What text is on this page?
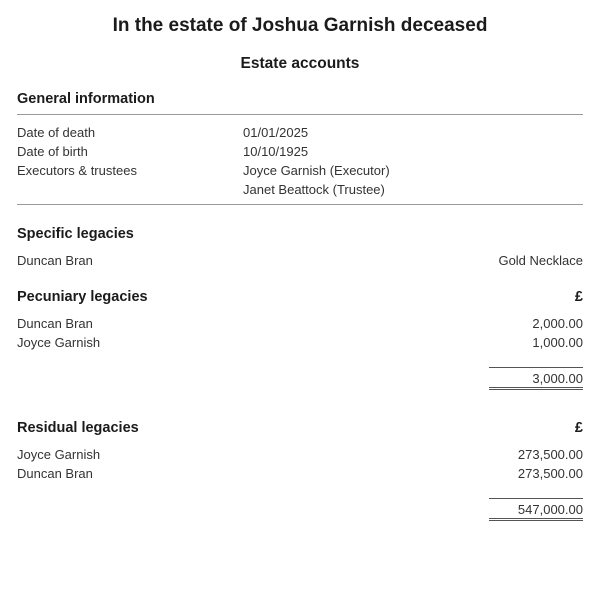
In the estate of Joshua Garnish deceased
Estate accounts
General information
Date of death	01/01/2025
Date of birth	10/10/1925
Executors & trustees	Joyce Garnish (Executor)
Janet Beattock (Trustee)
Specific legacies
Duncan Bran	Gold Necklace
Pecuniary legacies	£
Duncan Bran	2,000.00
Joyce Garnish	1,000.00
3,000.00
Residual legacies	£
Joyce Garnish	273,500.00
Duncan Bran	273,500.00
547,000.00
